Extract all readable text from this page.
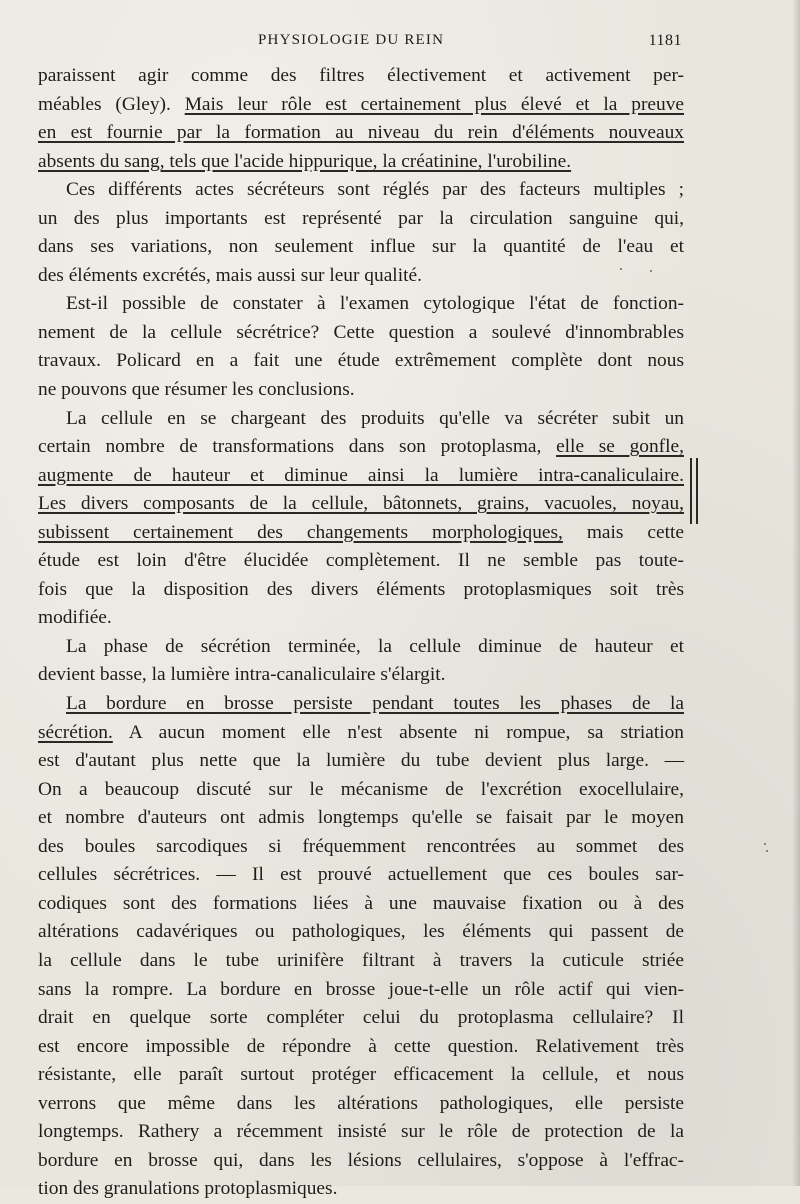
PHYSIOLOGIE DU REIN	1181
paraissent agir comme des filtres électivement et activement per-
méables (Gley). Mais leur rôle est certainement plus élevé et la preuve
en est fournie par la formation au niveau du rein d'éléments nouveaux
absents du sang, tels que l'acide hippurique, la créatinine, l'urobiline.
Ces différents actes sécréteurs sont réglés par des facteurs multiples ;
un des plus importants est représenté par la circulation sanguine qui,
dans ses variations, non seulement influe sur la quantité de l'eau et
des éléments excrétés, mais aussi sur leur qualité.
Est-il possible de constater à l'examen cytologique l'état de fonction-
nement de la cellule sécrétrice? Cette question a soulevé d'innombrables
travaux. Policard en a fait une étude extrêmement complète dont nous
ne pouvons que résumer les conclusions.
La cellule en se chargeant des produits qu'elle va sécréter subit un
certain nombre de transformations dans son protoplasma, elle se gonfle,
augmente de hauteur et diminue ainsi la lumière intra-canaliculaire.
Les divers composants de la cellule, bâtonnets, grains, vacuoles, noyau,
subissent certainement des changements morphologiques, mais cette
étude est loin d'être élucidée complètement. Il ne semble pas toute-
fois que la disposition des divers éléments protoplasmiques soit très
modifiée.
La phase de sécrétion terminée, la cellule diminue de hauteur et
devient basse, la lumière intra-canaliculaire s'élargit.
La bordure en brosse persiste pendant toutes les phases de la
sécrétion. A aucun moment elle n'est absente ni rompue, sa striation
est d'autant plus nette que la lumière du tube devient plus large. —
On a beaucoup discuté sur le mécanisme de l'excrétion exocellulaire,
et nombre d'auteurs ont admis longtemps qu'elle se faisait par le moyen
des boules sarcodiques si fréquemment rencontrées au sommet des
cellules sécrétrices. — Il est prouvé actuellement que ces boules sar-
codiques sont des formations liées à une mauvaise fixation ou à des
altérations cadavériques ou pathologiques, les éléments qui passent de
la cellule dans le tube urinifère filtrant à travers la cuticule striée
sans la rompre. La bordure en brosse joue-t-elle un rôle actif qui vien-
drait en quelque sorte compléter celui du protoplasma cellulaire? Il
est encore impossible de répondre à cette question. Relativement très
résistante, elle paraît surtout protéger efficacement la cellule, et nous
verrons que même dans les altérations pathologiques, elle persiste
longtemps. Rathery a récemment insisté sur le rôle de protection de la
bordure en brosse qui, dans les lésions cellulaires, s'oppose à l'effrac-
tion des granulations protoplasmiques.
